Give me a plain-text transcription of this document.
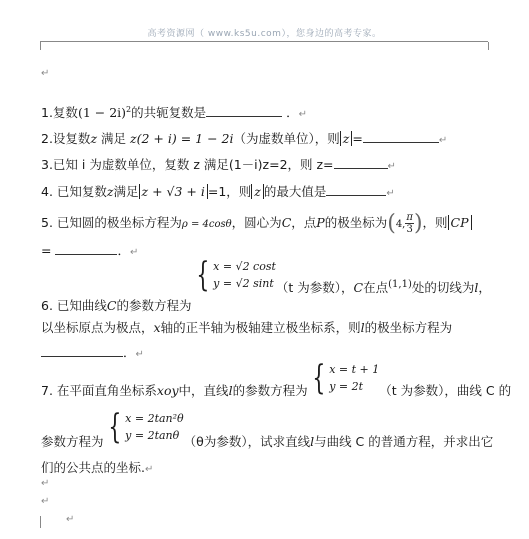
高考资源网（ www.ks5u.com），您身边的高考专家。
↵
1.复数$(1 - 2i)^2$的共轭复数是	．↵
2.设复数z 满足 z(2 + i) = 1 − 2i（为虚数单位），则 z =	↵
3.已知 i 为虚数单位，复数 z 满足(1－i)z=2，则 z=	↵
4. 已知复数z满足 z + √3 + i =1，则 z 的最大值是	↵
5. 已知圆的极坐标方程为ρ = 4cosθ，圆心为C，点P的极坐标为(4, $\frac{\pi}{3}$ )，则 CP
=	．↵
6. 已知曲线C的参数方程为{ x = √2 cost
y = √2 sint （t 为参数），C在点$_{(1,1)}$处的切线为l，
以坐标原点为极点，x轴的正半轴为极轴建立极坐标系，则l的极坐标方程为
．↵
7. 在平面直角坐标系xoy中，直线l的参数方程为 { x = t + 1
y = 2t （t 为参数），曲线 C 的
参数方程为 { x = 2tan²θ
y = 2tanθ （θ为参数），试求直线l与曲线 C 的普通方程，并求出它
们的公共点的坐标.↵
↵
↵
↵
